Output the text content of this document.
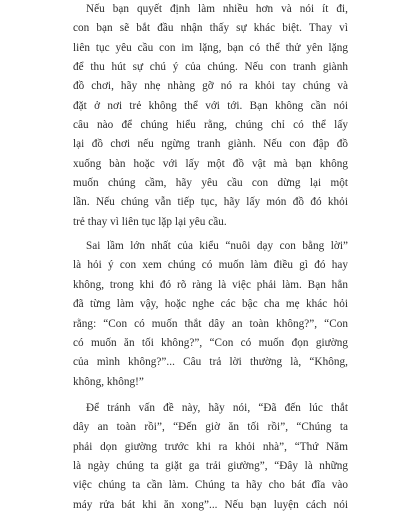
Nếu bạn quyết định làm nhiều hơn và nói ít đi,
con bạn sẽ bắt đầu nhận thấy sự khác biệt. Thay vì
liên tục yêu cầu con im lặng, bạn có thể thử yên lặng
để thu hút sự chú ý của chúng. Nếu con tranh giành
đồ chơi, hãy nhẹ nhàng gỡ nó ra khỏi tay chúng và
đặt ở nơi trẻ không thể với tới. Bạn không cần nói
câu nào để chúng hiểu rằng, chúng chỉ có thể lấy
lại đồ chơi nếu ngừng tranh giành. Nếu con đập đồ
xuống bàn hoặc với lấy một đồ vật mà bạn không
muốn chúng cầm, hãy yêu cầu con dừng lại một
lần. Nếu chúng vẫn tiếp tục, hãy lấy món đồ đó khỏi
trẻ thay vì liên tục lặp lại yêu cầu.
Sai lầm lớn nhất của kiểu “nuôi dạy con bằng lời”
là hỏi ý con xem chúng có muốn làm điều gì đó hay
không, trong khi đó rõ ràng là việc phải làm. Bạn hẳn
đã từng làm vậy, hoặc nghe các bậc cha mẹ khác hỏi
rằng: “Con có muốn thắt dây an toàn không?”, “Con
có muốn ăn tối không?”, “Con có muốn đọn giường
của mình không?”... Câu trả lời thường là, “Không,
không, không!”
Để tránh vấn đề này, hãy nói, “Đã đến lúc thắt
dây an toàn rồi”, “Đến giờ ăn tối rồi”, “Chúng ta
phải dọn giường trước khi ra khỏi nhà”, “Thứ Năm
là ngày chúng ta giặt ga trải giường”, “Đây là những
việc chúng ta cần làm. Chúng ta hãy cho bát đĩa vào
máy rửa bát khi ăn xong”... Nếu bạn luyện cách nói
